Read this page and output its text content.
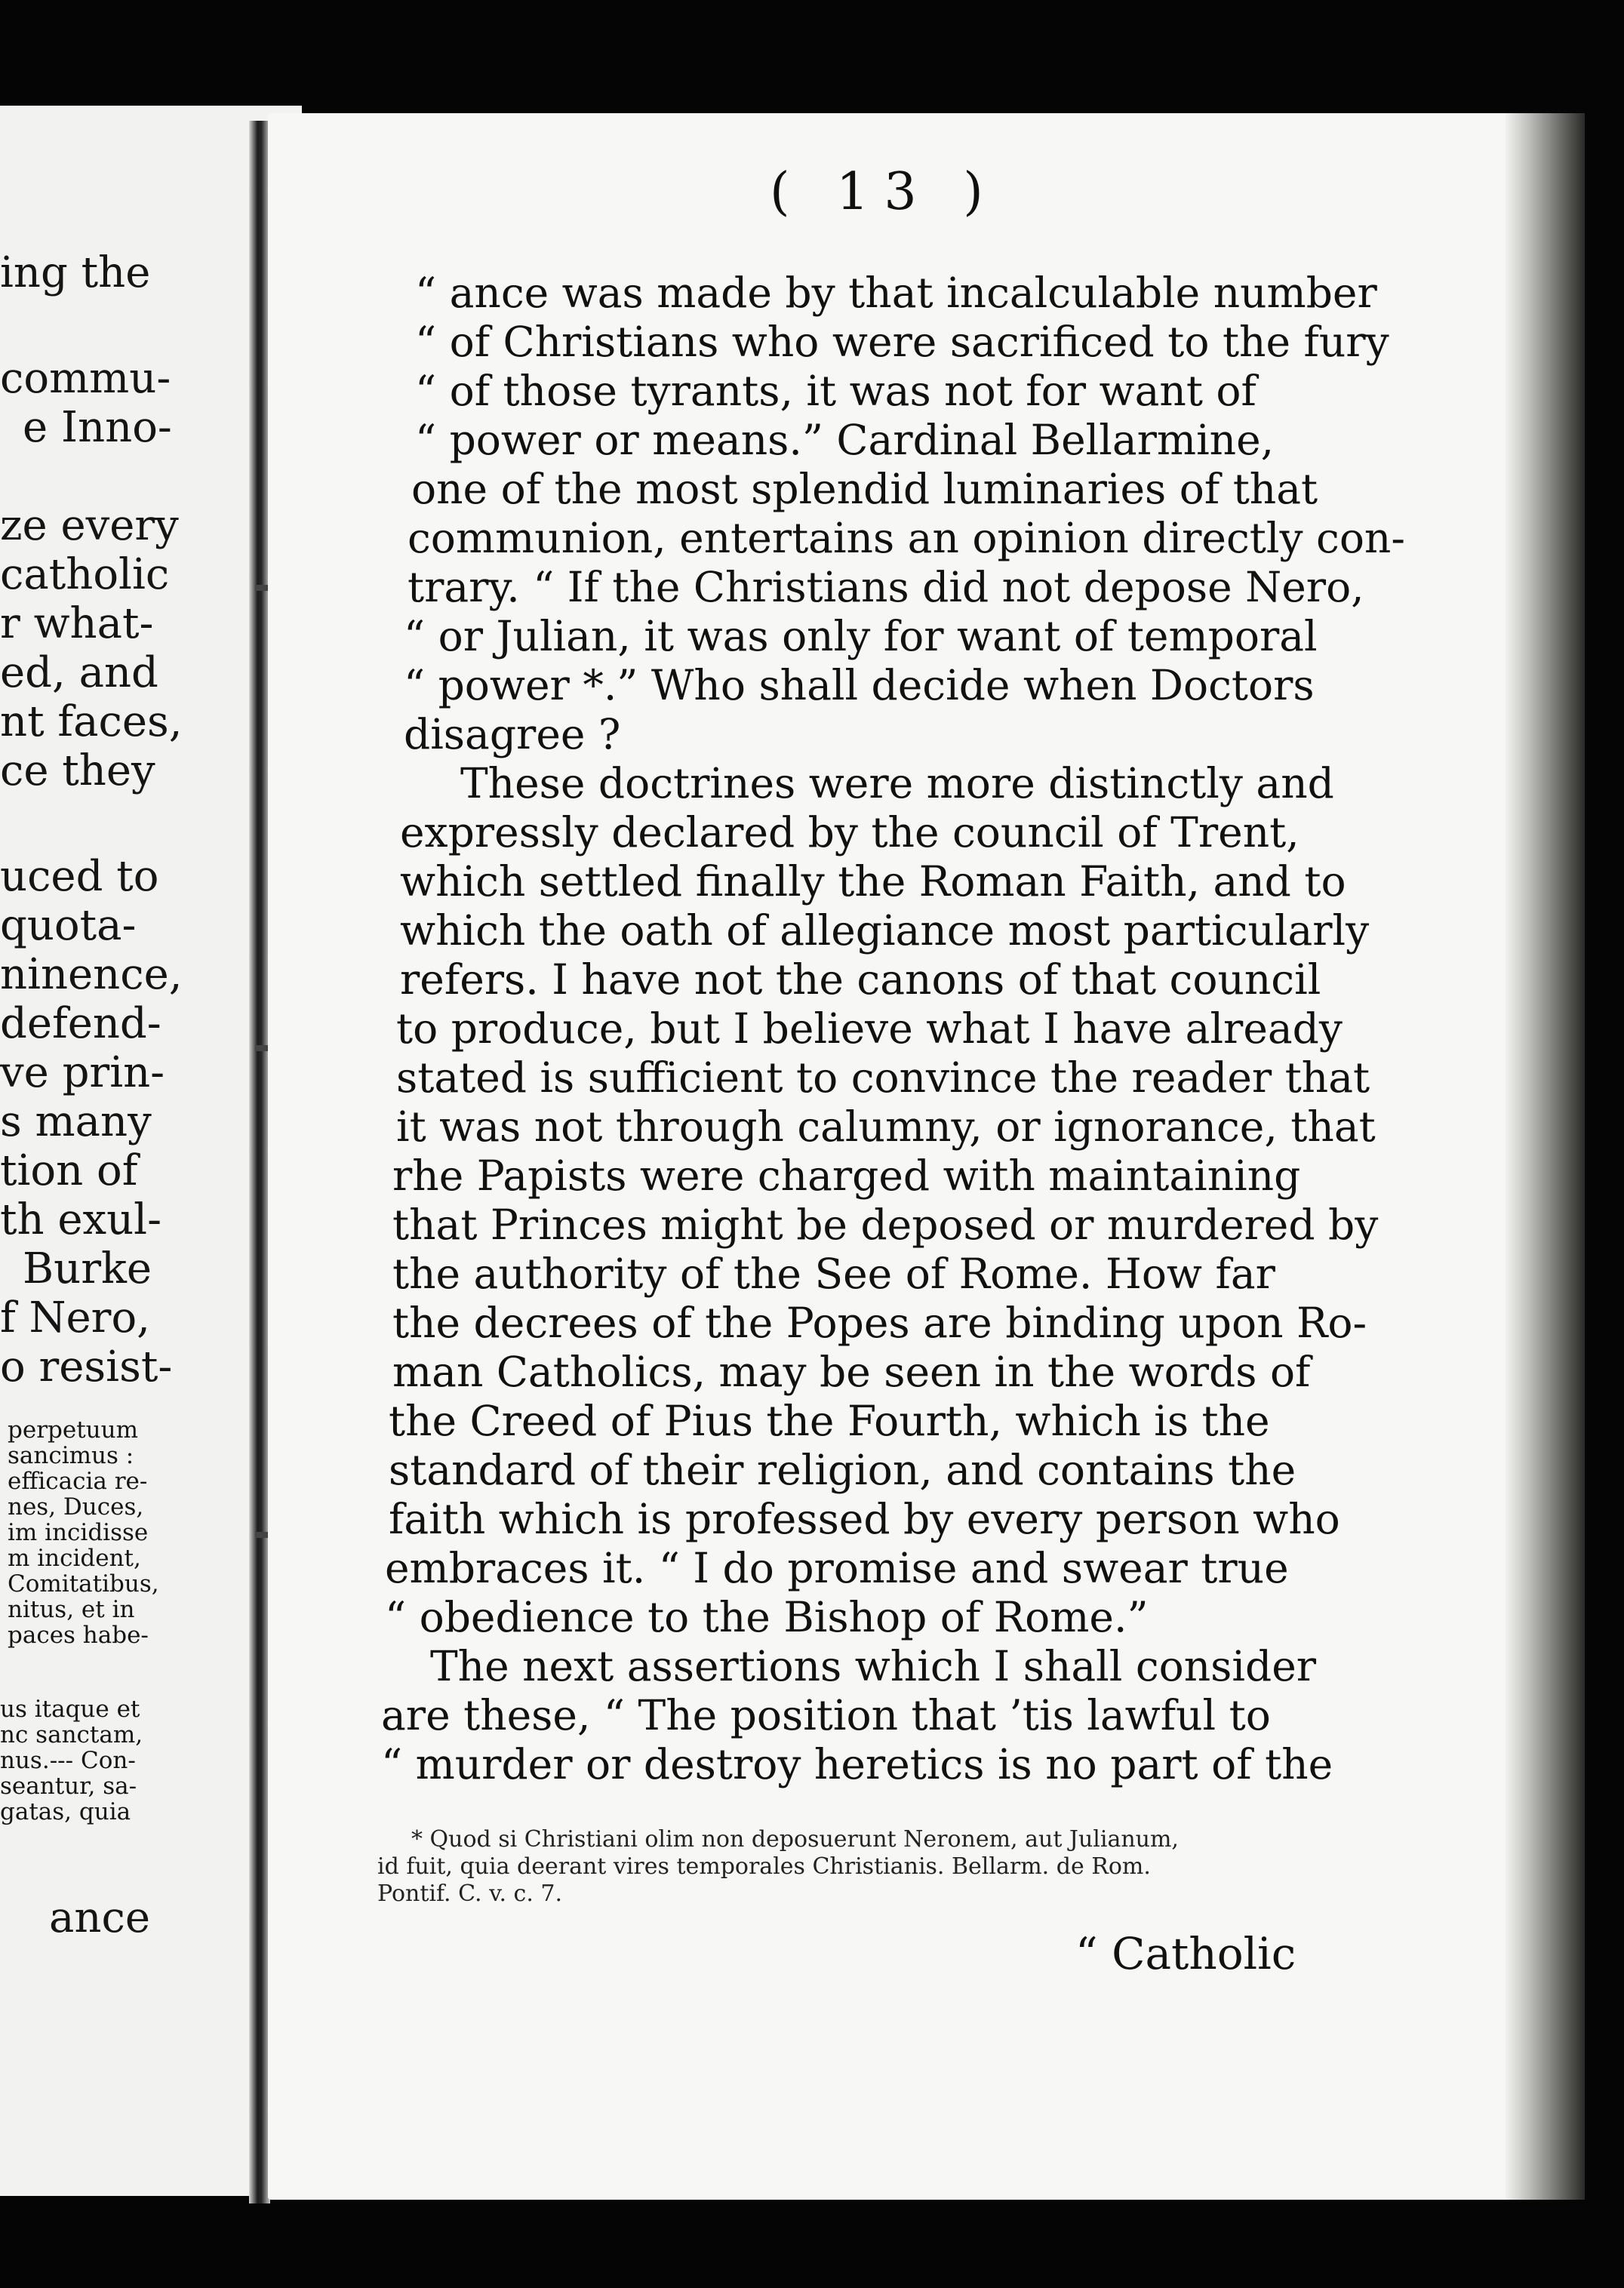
ing the
commu-
e Inno-
ze every
catholic
r what-
ed, and
nt faces,
ce they
uced to
quota-
ninence,
defend-
ve prin-
s many
tion of
th exul-
Burke
f Nero,
o resist-
perpetuum
sancimus :
efficacia re-
nes, Duces,
im incidisse
m incident,
Comitatibus,
nitus, et in
paces habe-
us itaque et
nc sanctam,
nus.--- Con-
seantur, sa-
gatas, quia
ance
( 13 )
“ ance was made by that incalculable number
“ of Christians who were sacrificed to the fury
“ of those tyrants, it was not for want of
“ power or means.” Cardinal Bellarmine,
one of the most splendid luminaries of that
communion, entertains an opinion directly con-
trary. “ If the Christians did not depose Nero,
“ or Julian, it was only for want of temporal
“ power *.” Who shall decide when Doctors
disagree ?
These doctrines were more distinctly and
expressly declared by the council of Trent,
which settled finally the Roman Faith, and to
which the oath of allegiance most particularly
refers. I have not the canons of that council
to produce, but I believe what I have already
stated is sufficient to convince the reader that
it was not through calumny, or ignorance, that
rhe Papists were charged with maintaining
that Princes might be deposed or murdered by
the authority of the See of Rome. How far
the decrees of the Popes are binding upon Ro-
man Catholics, may be seen in the words of
the Creed of Pius the Fourth, which is the
standard of their religion, and contains the
faith which is professed by every person who
embraces it. “ I do promise and swear true
“ obedience to the Bishop of Rome.”
The next assertions which I shall consider
are these, “ The position that ’tis lawful to
“ murder or destroy heretics is no part of the
* Quod si Christiani olim non deposuerunt Neronem, aut Julianum,
id fuit, quia deerant vires temporales Christianis. Bellarm. de Rom.
Pontif. C. v. c. 7.
“ Catholic
